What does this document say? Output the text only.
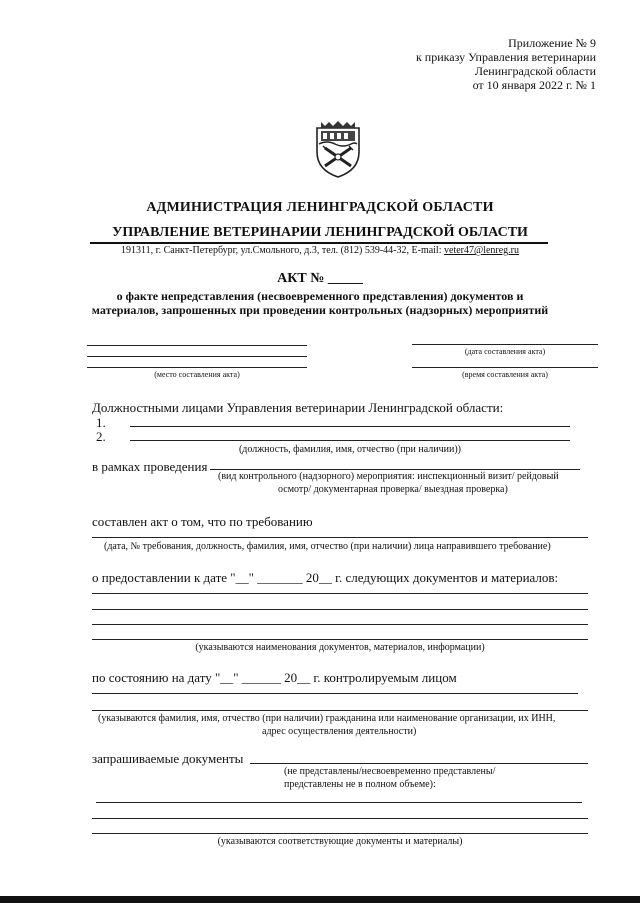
Приложение № 9
к приказу Управления ветеринарии
Ленинградской области
от 10 января 2022 г. № 1
АДМИНИСТРАЦИЯ ЛЕНИНГРАДСКОЙ ОБЛАСТИ
УПРАВЛЕНИЕ ВЕТЕРИНАРИИ ЛЕНИНГРАДСКОЙ ОБЛАСТИ
191311, г. Санкт-Петербург, ул.Смольного, д.3, тел. (812) 539-44-32, E-mail: veter47@lenreg.ru
АКТ № _____
о факте непредставления (несвоевременного представления) документов и
материалов, запрошенных при проведении контрольных (надзорных) мероприятий
(место составления акта)
(дата составления акта)
(время составления акта)
Должностными лицами Управления ветеринарии Ленинградской области:
1.
2.
(должность, фамилия, имя, отчество (при наличии))
в рамках проведения
(вид контрольного (надзорного) мероприятия: инспекционный визит/ рейдовый
осмотр/ документарная проверка/ выездная проверка)
составлен акт о том, что по требованию
(дата, № требования, должность, фамилия, имя, отчество (при наличии) лица направившего требование)
о предоставлении к дате "__" _______ 20__ г. следующих документов и материалов:
(указываются наименования документов, материалов, информации)
по состоянию на дату "__" ______ 20__ г. контролируемым лицом
(указываются фамилия, имя, отчество (при наличии) гражданина или наименование организации, их ИНН,
адрес осуществления деятельности)
запрашиваемые документы
(не представлены/несвоевременно представлены/
представлены не в полном объеме):
(указываются соответствующие документы и материалы)
